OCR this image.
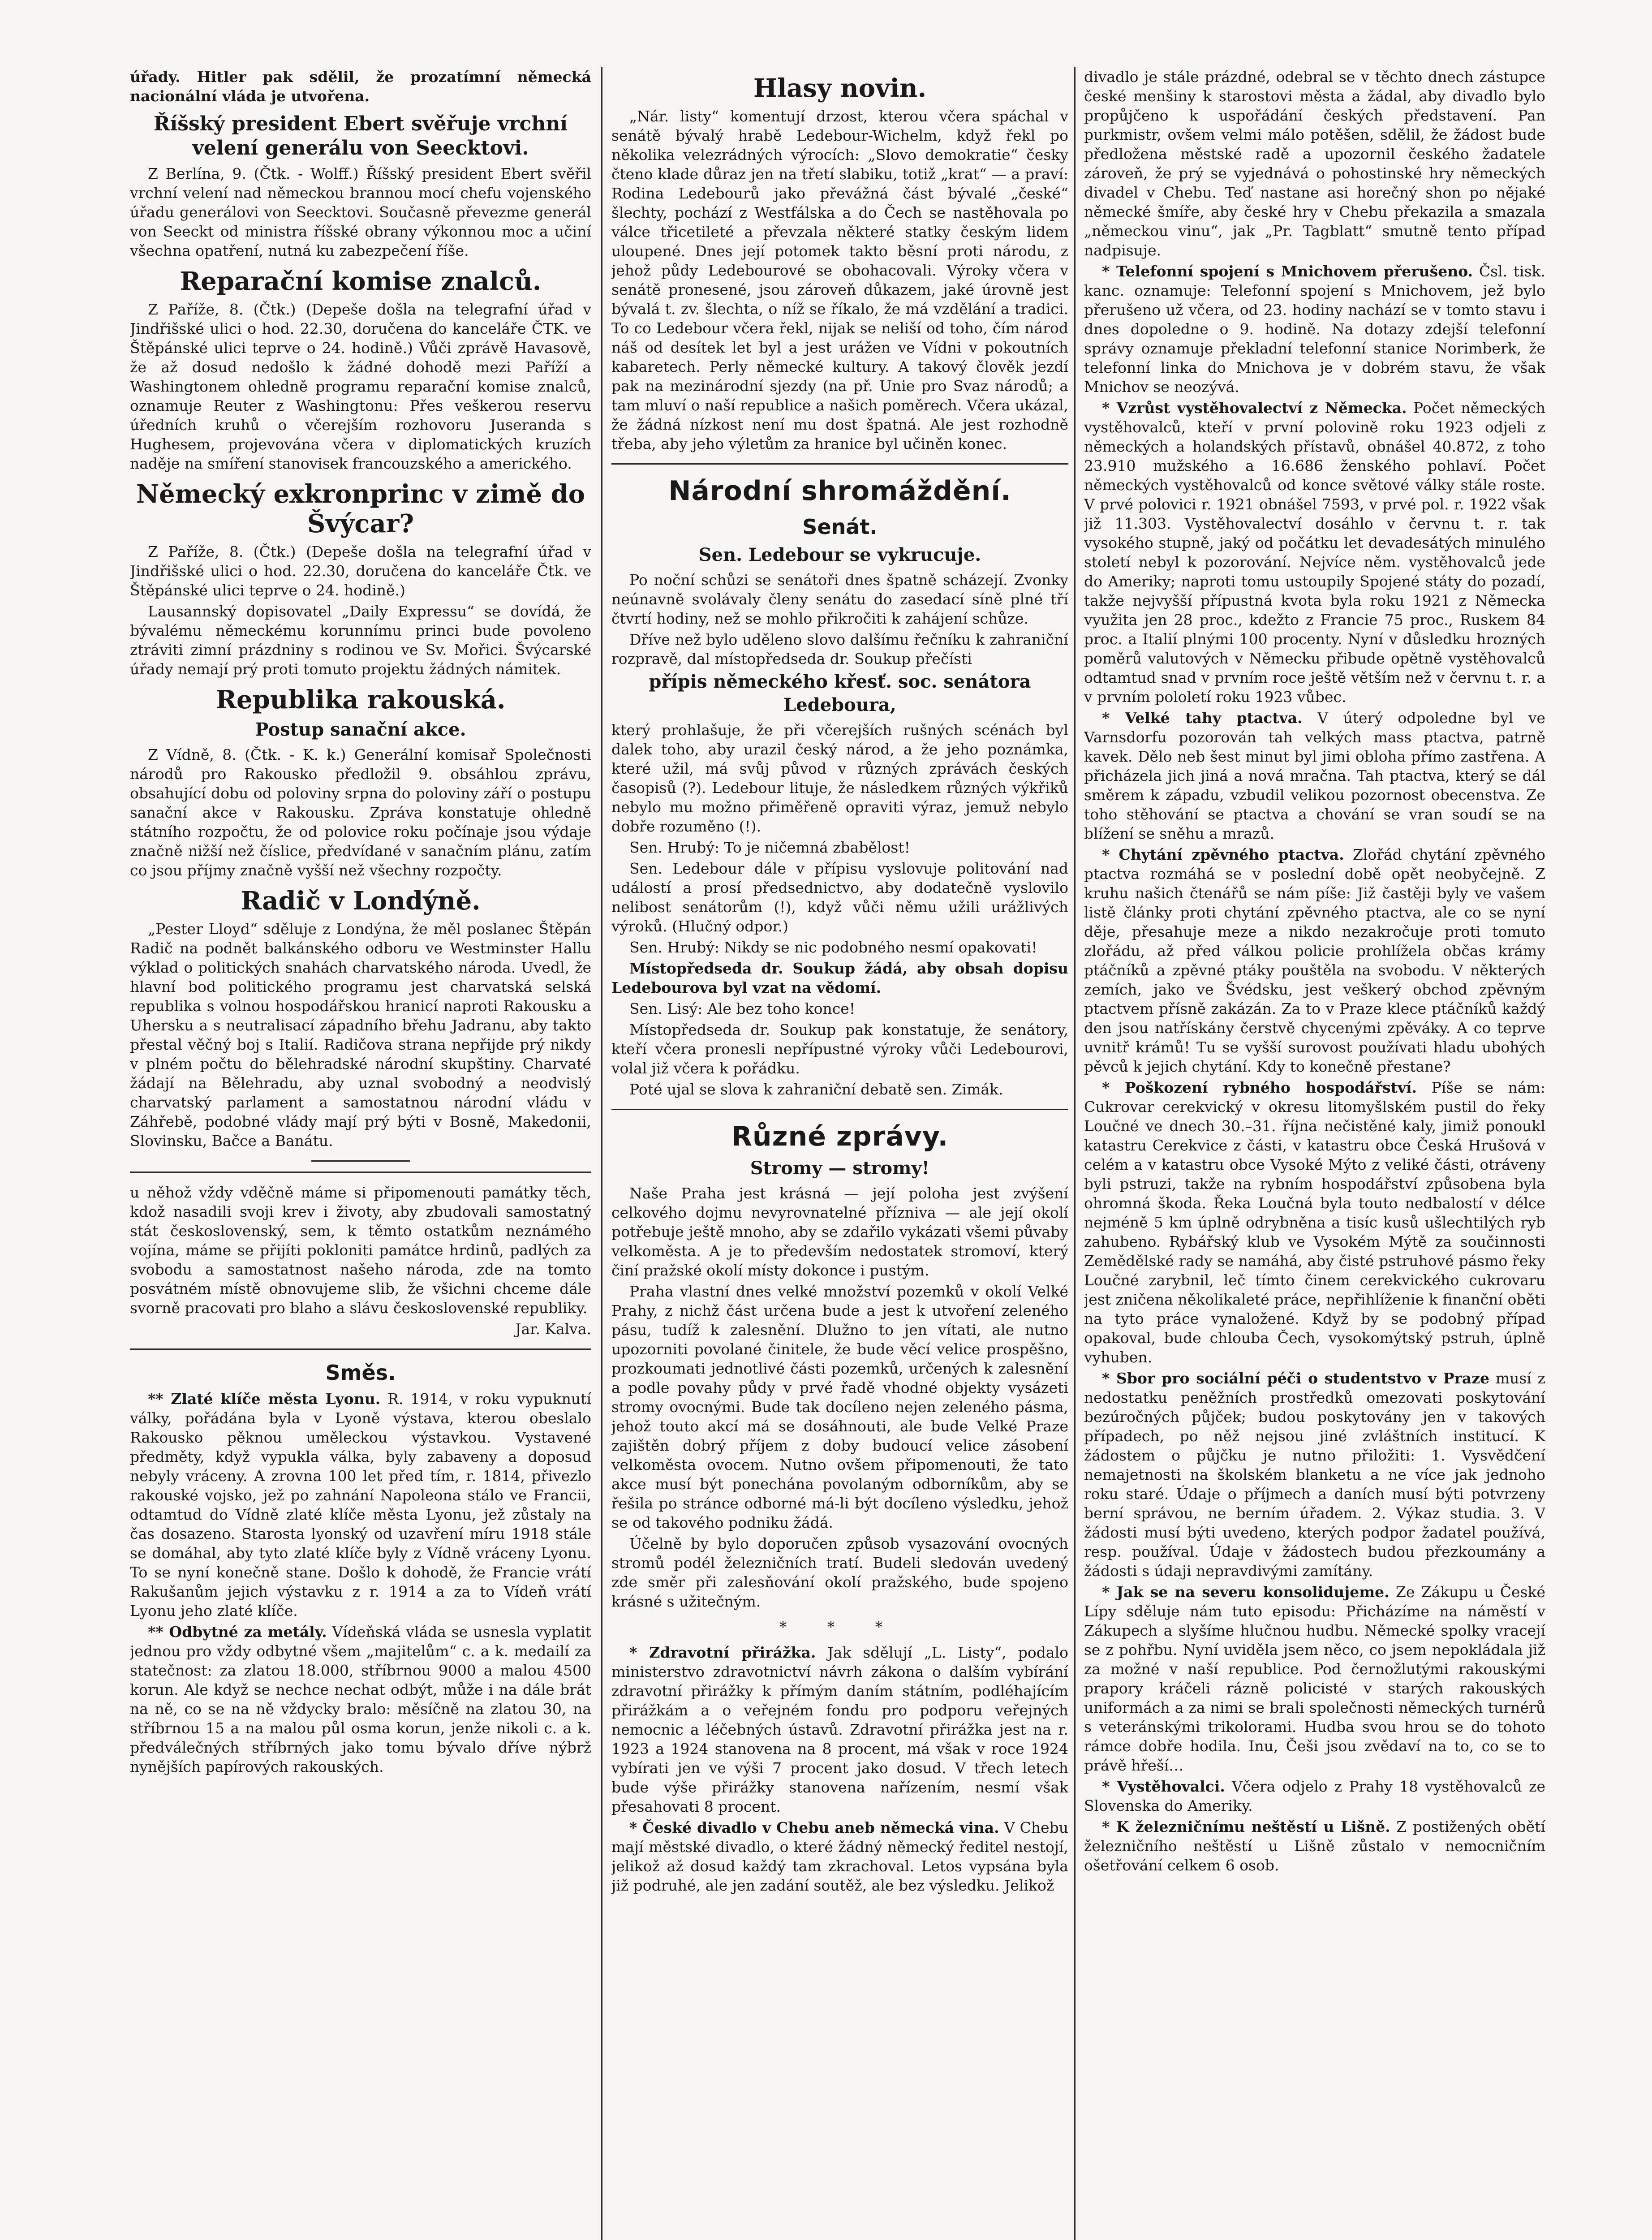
úřady. Hitler pak sdělil, že prozatímní německá nacionální vláda je utvořena.

Říšský president Ebert svěřuje vrchní velení generálu von Seecktovi.

Z Berlína, 9. (Čtk. - Wolff.) Říšský president Ebert svěřil vrchní velení nad německou brannou mocí chefu vojenského úřadu generálovi von Seecktovi. Současně převezme generál von Seeckt od ministra říšské obrany výkonnou moc a učiní všechna opatření, nutná ku zabezpečení říše.

Reparační komise znalců.

Z Paříže, 8. (Čtk.) (Depeše došla na telegrafní úřad v Jindřišské ulici o hod. 22.30, doručena do kanceláře ČTK. ve Štěpánské ulici teprve o 24. hodině.) Vůči zprávě Havasově, že až dosud nedošlo k žádné dohodě mezi Paříží a Washingtonem ohledně programu reparační komise znalců, oznamuje Reuter z Washingtonu: Přes veškerou reservu úředních kruhů o včerejším rozhovoru Juseranda s Hughesem, projevována včera v diplomatických kruzích naděje na smíření stanovisek francouzského a amerického.

Německý exkronprinc v zimě do Švýcar?

Z Paříže, 8. (Čtk.) (Depeše došla na telegrafní úřad v Jindřišské ulici o hod. 22.30, doručena do kanceláře Čtk. ve Štěpánské ulici teprve o 24. hodině.)

Lausannský dopisovatel „Daily Expressu“ se dovídá, že bývalému německému korunnímu princi bude povoleno ztráviti zimní prázdniny s rodinou ve Sv. Mořici. Švýcarské úřady nemají prý proti tomuto projektu žádných námitek.

Republika rakouská.
Postup sanační akce.

Z Vídně, 8. (Čtk. - K. k.) Generální komisař Společnosti národů pro Rakousko předložil 9. obsáhlou zprávu, obsahující dobu od poloviny srpna do poloviny září o postupu sanační akce v Rakousku. Zpráva konstatuje ohledně státního rozpočtu, že od polovice roku počínaje jsou výdaje značně nižší než číslice, předvídané v sanačním plánu, zatím co jsou příjmy značně vyšší než všechny rozpočty.

Radič v Londýně.

„Pester Lloyd“ sděluje z Londýna, že měl poslanec Štěpán Radič na podnět balkánského odboru ve Westminster Hallu výklad o politických snahách charvatského národa. Uvedl, že hlavní bod politického programu jest charvatská selská republika s volnou hospodářskou hranicí naproti Rakousku a Uhersku a s neutralisací západního břehu Jadranu, aby takto přestal věčný boj s Italií. Radičova strana nepřijde prý nikdy v plném počtu do bělehradské národní skupštiny. Charvaté žádají na Bělehradu, aby uznal svobodný a neodvislý charvatský parlament a samostatnou národní vládu v Záhřebě, podobné vlády mají prý býti v Bosně, Makedonii, Slovinsku, Bačce a Banátu.

u něhož vždy vděčně máme si připomenouti památky těch, kdož nasadili svoji krev i životy, aby zbudovali samostatný stát československý, sem, k těmto ostatkům neznámého vojína, máme se přijíti pokloniti památce hrdinů, padlých za svobodu a samostatnost našeho národa, zde na tomto posvátném místě obnovujeme slib, že všichni chceme dále svorně pracovati pro blaho a slávu československé republiky.

Jar. Kalva.

Směs.

** Zlaté klíče města Lyonu. R. 1914, v roku vypuknutí války, pořádána byla v Lyoně výstava, kterou obeslalo Rakousko pěknou uměleckou výstavkou. Vystavené předměty, když vypukla válka, byly zabaveny a doposud nebyly vráceny. A zrovna 100 let před tím, r. 1814, přivezlo rakouské vojsko, jež po zahnání Napoleona stálo ve Francii, odtamtud do Vídně zlaté klíče města Lyonu, jež zůstaly na čas dosazeno. Starosta lyonský od uzavření míru 1918 stále se domáhal, aby tyto zlaté klíče byly z Vídně vráceny Lyonu. To se nyní konečně stane. Došlo k dohodě, že Francie vrátí Rakušanům jejich výstavku z r. 1914 a za to Vídeň vrátí Lyonu jeho zlaté klíče.

** Odbytné za metály. Vídeňská vláda se usnesla vyplatit jednou pro vždy odbytné všem „majitelům“ c. a k. medailí za statečnost: za zlatou 18.000, stříbrnou 9000 a malou 4500 korun. Ale když se nechce nechat odbýt, může i na dále brát na ně, co se na ně vždycky bralo: měsíčně na zlatou 30, na stříbrnou 15 a na malou půl osma korun, jenže nikoli c. a k. předválečných stříbrných jako tomu bývalo dříve nýbrž nynějších papírových rakouských.

Hlasy novin.

„Nár. listy“ komentují drzost, kterou včera spáchal v senátě bývalý hrabě Ledebour-Wichelm, když řekl po několika velezrádných výrocích: „Slovo demokratie“ česky čteno klade důraz jen na třetí slabiku, totiž „krat“ — a praví: Rodina Ledebourů jako převážná část bývalé „české“ šlechty, pochází z Westfálska a do Čech se nastěhovala po válce třicetileté a převzala některé statky českým lidem uloupené. Dnes její potomek takto běsní proti národu, z jehož půdy Ledebourové se obohacovali. Výroky včera v senátě pronesené, jsou zároveň důkazem, jaké úrovně jest bývalá t. zv. šlechta, o níž se říkalo, že má vzdělání a tradici. To co Ledebour včera řekl, nijak se neliší od toho, čím národ náš od desítek let byl a jest urážen ve Vídni v pokoutních kabaretech. Perly německé kultury. A takový člověk jezdí pak na mezinárodní sjezdy (na př. Unie pro Svaz národů; a tam mluví o naší republice a našich poměrech. Včera ukázal, že žádná nízkost není mu dost špatná. Ale jest rozhodně třeba, aby jeho výletům za hranice byl učiněn konec.

Národní shromáždění.
Senát.
Sen. Ledebour se vykrucuje.

Po noční schůzi se senátoři dnes špatně scházejí. Zvonky neúnavně svolávaly členy senátu do zasedací síně plné tří čtvrtí hodiny, než se mohlo přikročiti k zahájení schůze.

Dříve než bylo uděleno slovo dalšímu řečníku k zahraniční rozpravě, dal místopředseda dr. Soukup přečísti

přípis německého křesť. soc. senátora Ledeboura,

který prohlašuje, že při včerejších rušných scénách byl dalek toho, aby urazil český národ, a že jeho poznámka, které užil, má svůj původ v různých zprávách českých časopisů (?). Ledebour lituje, že následkem různých výkřiků nebylo mu možno přiměřeně opraviti výraz, jemuž nebylo dobře rozuměno (!).

Sen. Hrubý: To je ničemná zbabělost!

Sen. Ledebour dále v přípisu vyslovuje politování nad událostí a prosí předsednictvo, aby dodatečně vyslovilo nelibost senátorům (!), když vůči němu užili urážlivých výroků. (Hlučný odpor.)

Sen. Hrubý: Nikdy se nic podobného nesmí opakovati!

Místopředseda dr. Soukup žádá, aby obsah dopisu Ledebourova byl vzat na vědomí.

Sen. Lisý: Ale bez toho konce!

Místopředseda dr. Soukup pak konstatuje, že senátory, kteří včera pronesli nepřípustné výroky vůči Ledebourovi, volal již včera k pořádku.

Poté ujal se slova k zahraniční debatě sen. Zimák.

Různé zprávy.
Stromy — stromy!

Naše Praha jest krásná — její poloha jest zvýšení celkového dojmu nevyrovnatelné přízniva — ale její okolí potřebuje ještě mnoho, aby se zdařilo vykázati všemi půvaby velkoměsta. A je to především nedostatek stromoví, který činí pražské okolí místy dokonce i pustým.

Praha vlastní dnes velké množství pozemků v okolí Velké Prahy, z nichž část určena bude a jest k utvoření zeleného pásu, tudíž k zalesnění. Dlužno to jen vítati, ale nutno upozorniti povolané činitele, že bude věcí velice prospěšno, prozkoumati jednotlivé části pozemků, určených k zalesnění a podle povahy půdy v prvé řadě vhodné objekty vysázeti stromy ovocnými. Bude tak docíleno nejen zeleného pásma, jehož touto akcí má se dosáhnouti, ale bude Velké Praze zajištěn dobrý příjem z doby budoucí velice zásobení velkoměsta ovocem. Nutno ovšem připomenouti, že tato akce musí být ponechána povolaným odborníkům, aby se řešila po stránce odborné má-li být docíleno výsledku, jehož se od takového podniku žádá.

Účelně by bylo doporučen způsob vysazování ovocných stromů podél železničních tratí. Budeli sledován uvedený zde směr při zalesňování okolí pražského, bude spojeno krásné s užitečným.

* * *

* Zdravotní přirážka. Jak sdělují „L. Listy“, podalo ministerstvo zdravotnictví návrh zákona o dalším vybírání zdravotní přirážky k přímým daním státním, podléhajícím přirážkám a o veřejném fondu pro podporu veřejných nemocnic a léčebných ústavů. Zdravotní přirážka jest na r. 1923 a 1924 stanovena na 8 procent, má však v roce 1924 vybírati jen ve výši 7 procent jako dosud. V třech letech bude výše přirážky stanovena nařízením, nesmí však přesahovati 8 procent.

* České divadlo v Chebu aneb německá vina. V Chebu mají městské divadlo, o které žádný německý ředitel nestojí, jelikož až dosud každý tam zkrachoval. Letos vypsána byla již podruhé, ale jen zadání soutěž, ale bez výsledku. Jelikož

divadlo je stále prázdné, odebral se v těchto dnech zástupce české menšiny k starostovi města a žádal, aby divadlo bylo propůjčeno k uspořádání českých představení. Pan purkmistr, ovšem velmi málo potěšen, sdělil, že žádost bude předložena městské radě a upozornil českého žadatele zároveň, že prý se vyjednává o pohostinské hry německých divadel v Chebu. Teď nastane asi horečný shon po nějaké německé šmíře, aby české hry v Chebu překazila a smazala „německou vinu“, jak „Pr. Tagblatt“ smutně tento případ nadpisuje.

* Telefonní spojení s Mnichovem přerušeno. Čsl. tisk. kanc. oznamuje: Telefonní spojení s Mnichovem, jež bylo přerušeno už včera, od 23. hodiny nachází se v tomto stavu i dnes dopoledne o 9. hodině. Na dotazy zdejší telefonní správy oznamuje překladní telefonní stanice Norimberk, že telefonní linka do Mnichova je v dobrém stavu, že však Mnichov se neozývá.

* Vzrůst vystěhovalectví z Německa. Počet německých vystěhovalců, kteří v první polovině roku 1923 odjeli z německých a holandských přístavů, obnášel 40.872, z toho 23.910 mužského a 16.686 ženského pohlaví. Počet německých vystěhovalců od konce světové války stále roste. V prvé polovici r. 1921 obnášel 7593, v prvé pol. r. 1922 však již 11.303. Vystěhovalectví dosáhlo v červnu t. r. tak vysokého stupně, jaký od počátku let devadesátých minulého století nebyl k pozorování. Nejvíce něm. vystěhovalců jede do Ameriky; naproti tomu ustoupily Spojené státy do pozadí, takže nejvyšší přípustná kvota byla roku 1921 z Německa využita jen 28 proc., kdežto z Francie 75 proc., Ruskem 84 proc. a Italií plnými 100 procenty. Nyní v důsledku hrozných poměrů valutových v Německu přibude opětně vystěhovalců odtamtud snad v prvním roce ještě větším než v červnu t. r. a v prvním pololetí roku 1923 vůbec.

* Velké tahy ptactva. V úterý odpoledne byl ve Varnsdorfu pozorován tah velkých mass ptactva, patrně kavek. Dělo neb šest minut byl jimi obloha přímo zastřena. A přicházela jich jiná a nová mračna. Tah ptactva, který se dál směrem k západu, vzbudil velikou pozornost obecenstva. Ze toho stěhování se ptactva a chování se vran soudí se na blížení se sněhu a mrazů.

* Chytání zpěvného ptactva. Zlořád chytání zpěvného ptactva rozmáhá se v poslední době opět neobyčejně. Z kruhu našich čtenářů se nám píše: Již častěji byly ve vašem listě články proti chytání zpěvného ptactva, ale co se nyní děje, přesahuje meze a nikdo nezakročuje proti tomuto zlořádu, až před válkou policie prohlížela občas krámy ptáčníků a zpěvné ptáky pouštěla na svobodu. V některých zemích, jako ve Švédsku, jest veškerý obchod zpěvným ptactvem přísně zakázán. Za to v Praze klece ptáčníků každý den jsou natřískány čerstvě chycenými zpěváky. A co teprve uvnitř krámů! Tu se vyšší surovost používati hladu ubohých pěvců k jejich chytání. Kdy to konečně přestane?

* Poškození rybného hospodářství. Píše se nám: Cukrovar cerekvický v okresu litomyšlském pustil do řeky Loučné ve dnech 30.–31. října nečistěné kaly, jimiž ponoukl katastru Cerekvice z části, v katastru obce Česká Hrušová v celém a v katastru obce Vysoké Mýto z veliké části, otráveny byli pstruzi, takže na rybním hospodářství způsobena byla ohromná škoda. Řeka Loučná byla touto nedbalostí v délce nejméně 5 km úplně odrybněna a tisíc kusů ušlechtilých ryb zahubeno. Rybářský klub ve Vysokém Mýtě za součinnosti Zemědělské rady se namáhá, aby čisté pstruhové pásmo řeky Loučné zarybnil, leč tímto činem cerekvického cukrovaru jest zničena několikaleté práce, nepřihlíženie k finanční oběti na tyto práce vynaložené. Když by se podobný případ opakoval, bude chlouba Čech, vysokomýtský pstruh, úplně vyhuben.

* Sbor pro sociální péči o studentstvo v Praze musí z nedostatku peněžních prostředků omezovati poskytování bezúročných půjček; budou poskytovány jen v takových případech, po něž nejsou jiné zvláštních institucí. K žádostem o půjčku je nutno přiložiti: 1. Vysvědčení nemajetnosti na školském blanketu a ne více jak jednoho roku staré. Údaje o příjmech a daních musí býti potvrzeny berní správou, ne berním úřadem. 2. Výkaz studia. 3. V žádosti musí býti uvedeno, kterých podpor žadatel používá, resp. používal. Údaje v žádostech budou přezkoumány a žádosti s údaji nepravdivými zamítány.

* Jak se na severu konsolidujeme. Ze Zákupu u České Lípy sděluje nám tuto episodu: Přicházíme na náměstí v Zákupech a slyšíme hlučnou hudbu. Německé spolky vracejí se z pohřbu. Nyní uviděla jsem něco, co jsem nepokládala již za možné v naší republice. Pod černožlutými rakouskými prapory kráčeli rázně policisté v starých rakouských uniformách a za nimi se brali společnosti německých turnérů s veteránskými trikolorami. Hudba svou hrou se do tohoto rámce dobře hodila. Inu, Češi jsou zvědaví na to, co se to právě hřeší…

* Vystěhovalci. Včera odjelo z Prahy 18 vystěhovalců ze Slovenska do Ameriky.

* K železničnímu neštěstí u Lišně. Z postižených obětí železničního neštěstí u Lišně zůstalo v nemocničním ošetřování celkem 6 osob.
